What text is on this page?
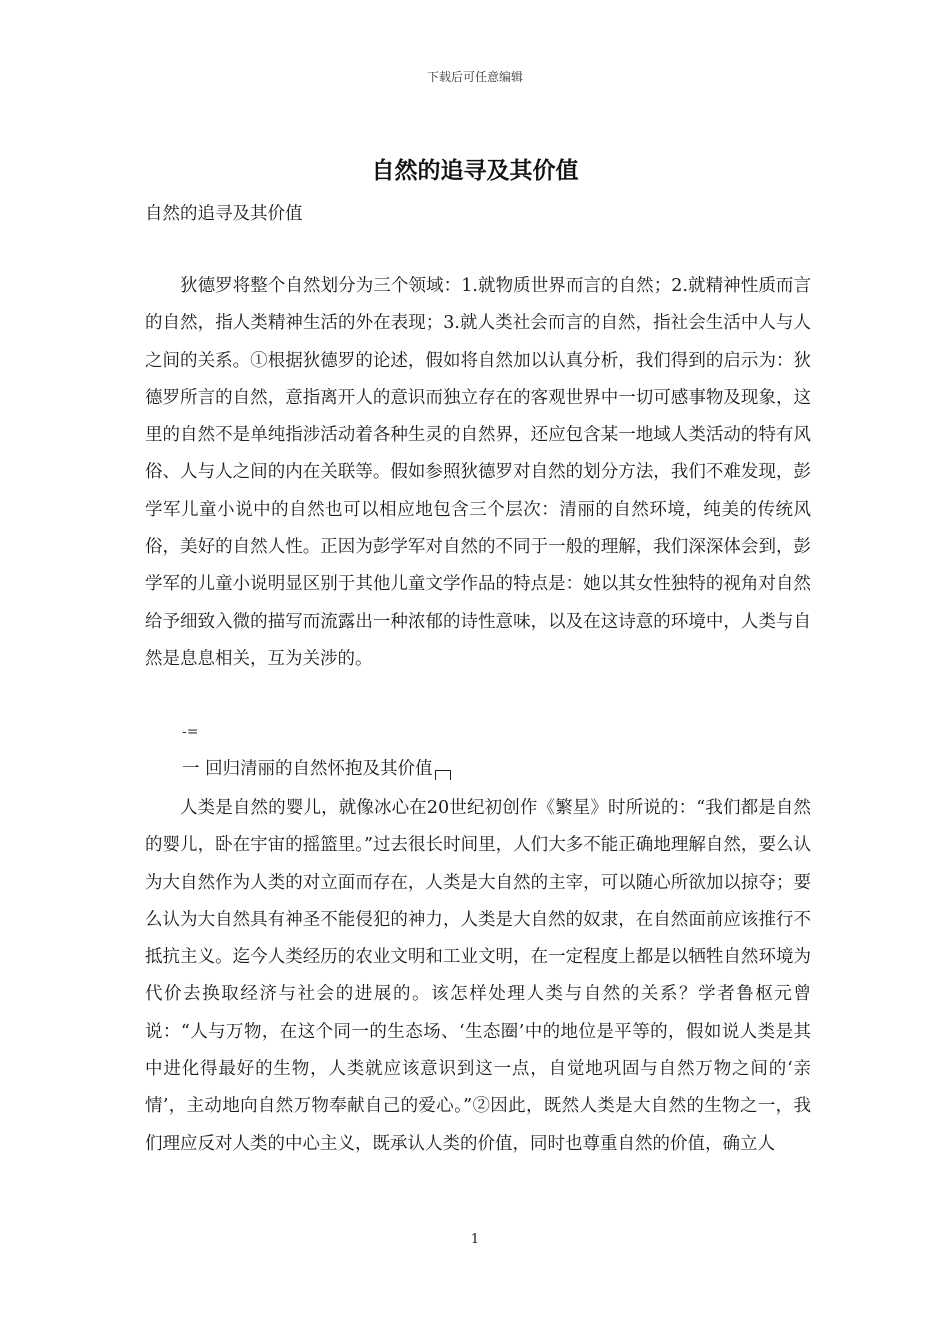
下载后可任意编辑
自然的追寻及其价值
自然的追寻及其价值

狄德罗将整个自然划分为三个领域：1.就物质世界而言的自然；2.就精神性质而言的自然，指人类精神生活的外在表现；3.就人类社会而言的自然，指社会生活中人与人之间的关系。①根据狄德罗的论述，假如将自然加以认真分析，我们得到的启示为：狄德罗所言的自然，意指离开人的意识而独立存在的客观世界中一切可感事物及现象，这里的自然不是单纯指涉活动着各种生灵的自然界，还应包含某一地域人类活动的特有风俗、人与人之间的内在关联等。假如参照狄德罗对自然的划分方法，我们不难发现，彭学军儿童小说中的自然也可以相应地包含三个层次：清丽的自然环境，纯美的传统风俗，美好的自然人性。正因为彭学军对自然的不同于一般的理解，我们深深体会到，彭学军的儿童小说明显区别于其他儿童文学作品的特点是：她以其女性独特的视角对自然给予细致入微的描写而流露出一种浓郁的诗性意味，以及在这诗意的环境中，人类与自然是息息相关，互为关涉的。

-=
一 回归清丽的自然怀抱及其价值

人类是自然的婴儿，就像冰心在20世纪初创作《繁星》时所说的：“我们都是自然的婴儿，卧在宇宙的摇篮里。”过去很长时间里，人们大多不能正确地理解自然，要么认为大自然作为人类的对立面而存在，人类是大自然的主宰，可以随心所欲加以掠夺；要么认为大自然具有神圣不能侵犯的神力，人类是大自然的奴隶，在自然面前应该推行不抵抗主义。迄今人类经历的农业文明和工业文明，在一定程度上都是以牺牲自然环境为代价去换取经济与社会的进展的。该怎样处理人类与自然的关系？学者鲁枢元曾说：“人与万物，在这个同一的生态场、‘生态圈’中的地位是平等的，假如说人类是其中进化得最好的生物，人类就应该意识到这一点，自觉地巩固与自然万物之间的‘亲情’，主动地向自然万物奉献自己的爱心。”②因此，既然人类是大自然的生物之一，我们理应反对人类的中心主义，既承认人类的价值，同时也尊重自然的价值，确立人

1
